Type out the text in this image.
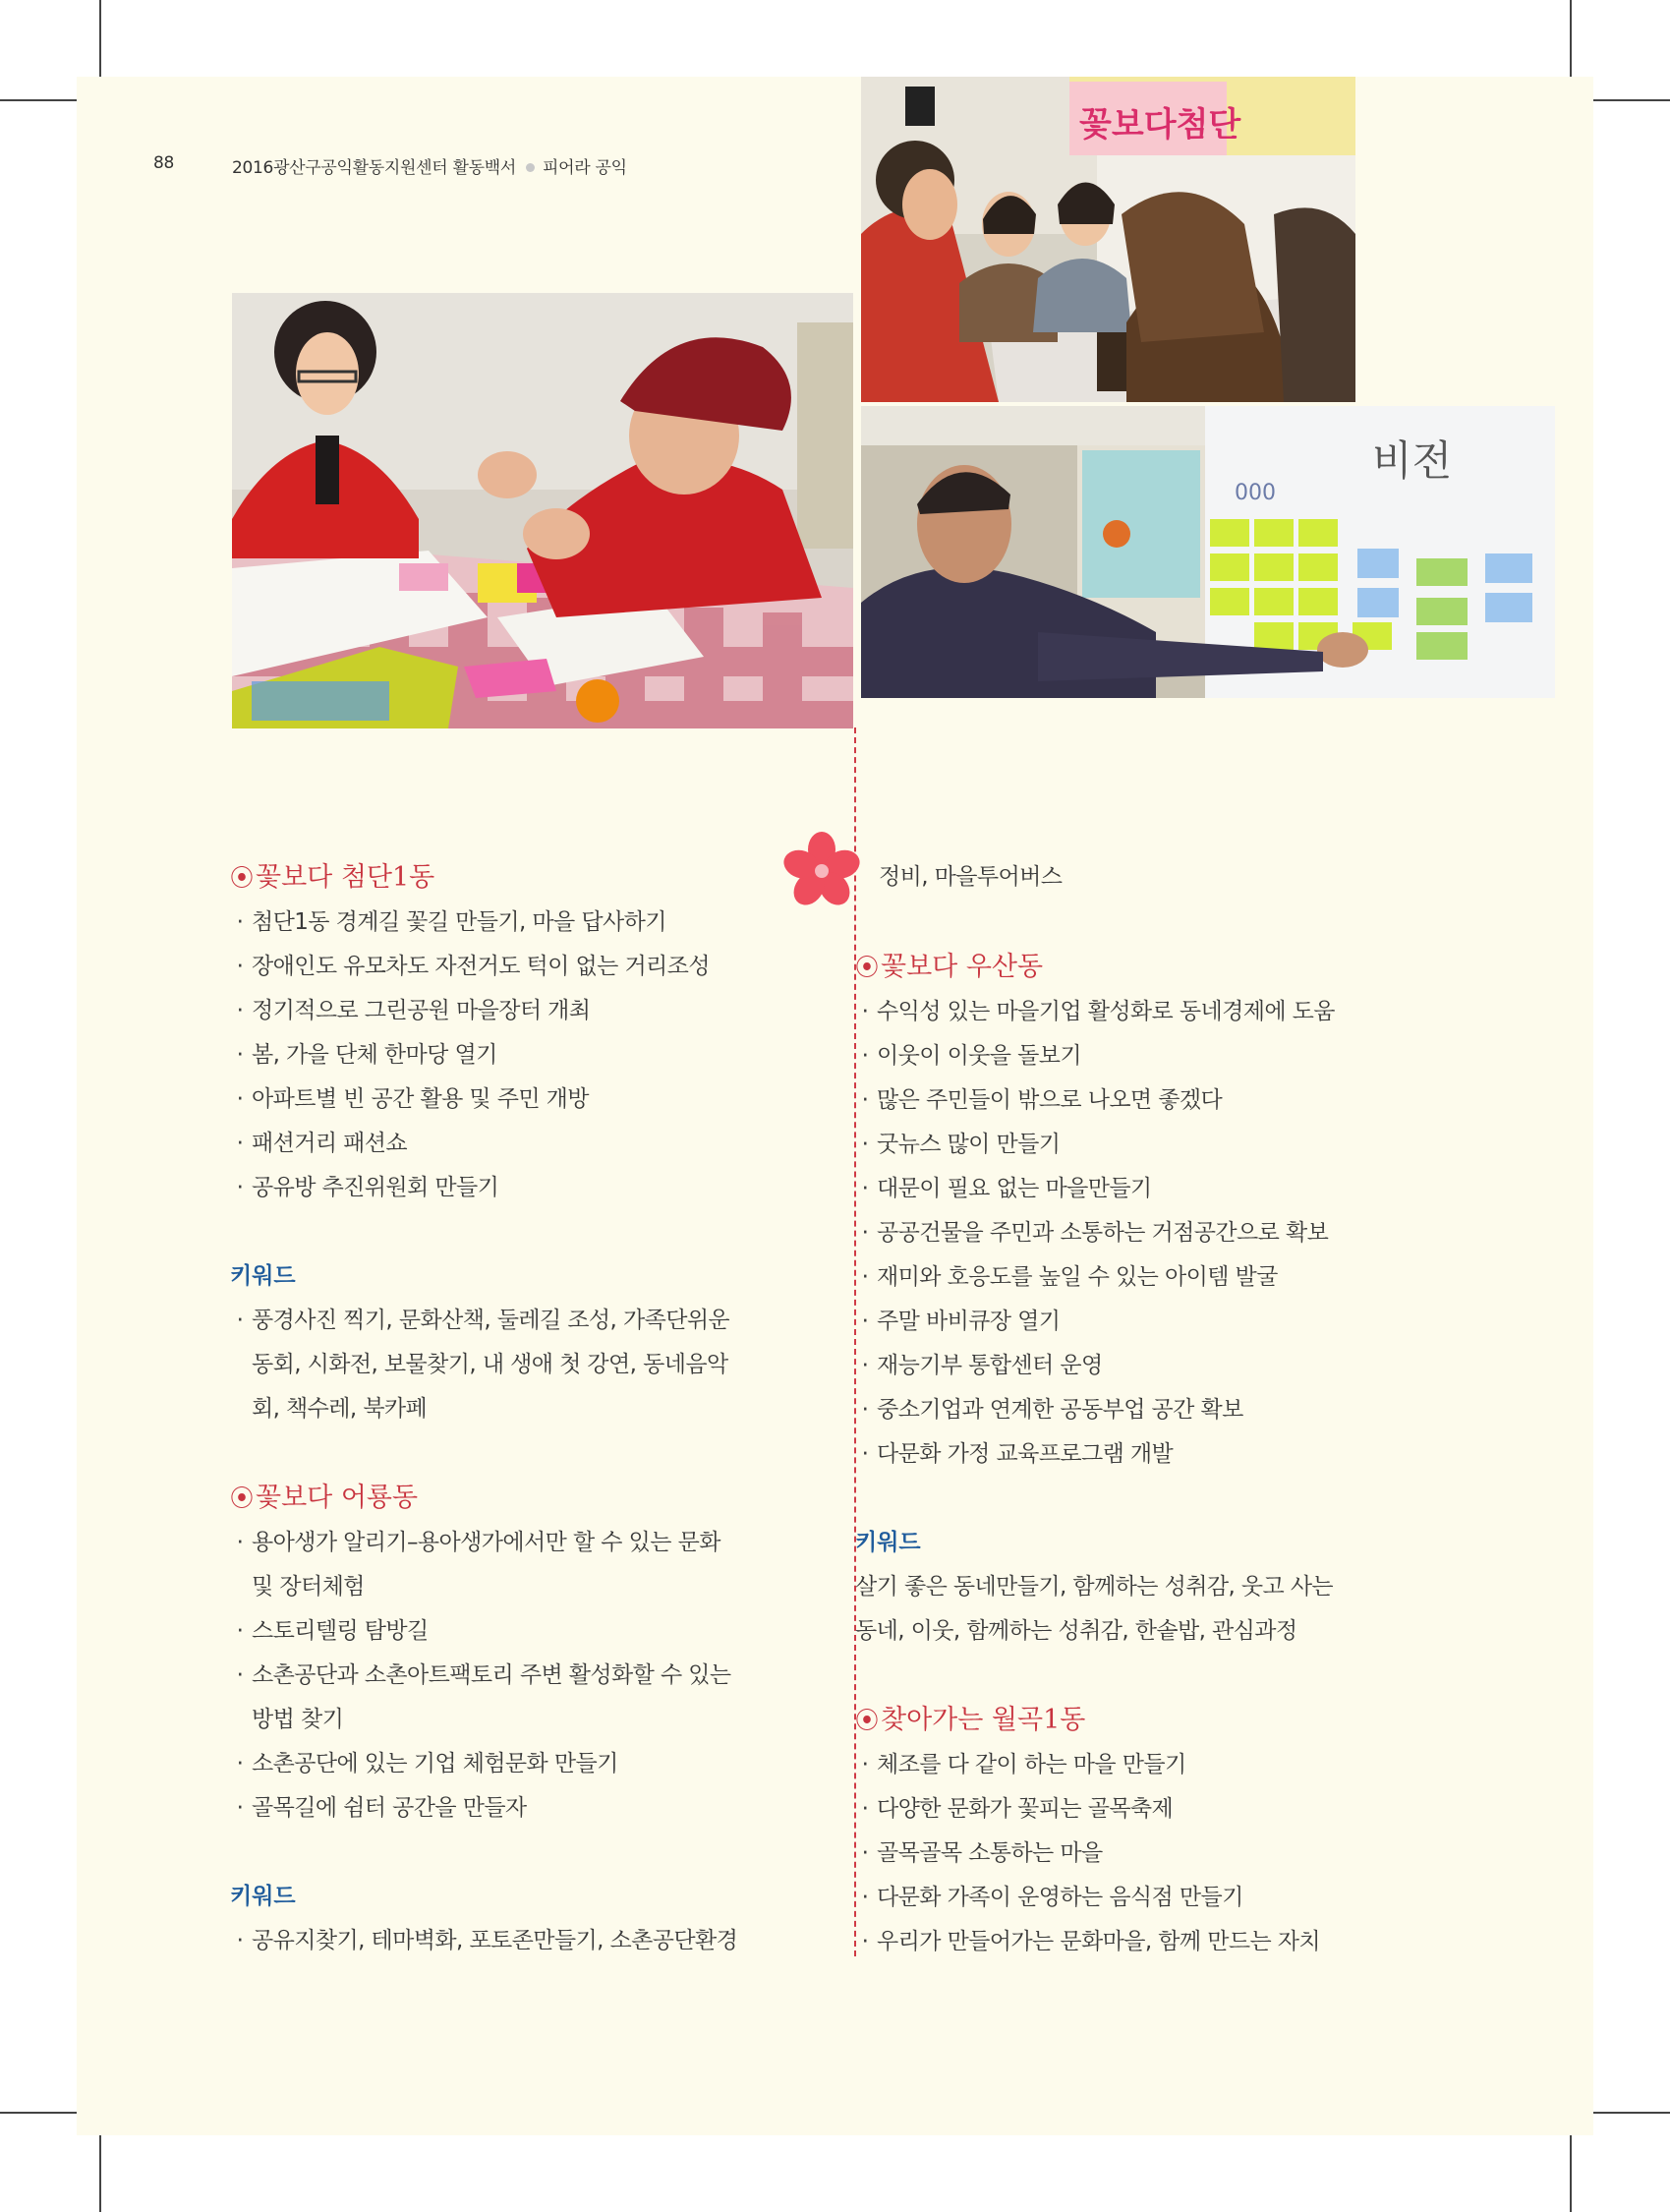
88	2016광산구공익활동지원센터 활동백서 피어라 공익
꽃보다첨단
비전
000
⦿꽃보다 첨단1동
· 첨단1동 경계길 꽃길 만들기, 마을 답사하기
· 장애인도 유모차도 자전거도 턱이 없는 거리조성
· 정기적으로 그린공원 마을장터 개최
· 봄, 가을 단체 한마당 열기
· 아파트별 빈 공간 활용 및 주민 개방
· 패션거리 패션쇼
· 공유방 추진위원회 만들기
키워드
· 풍경사진 찍기, 문화산책, 둘레길 조성, 가족단위운
동회, 시화전, 보물찾기, 내 생애 첫 강연, 동네음악
회, 책수레, 북카페
⦿꽃보다 어룡동
· 용아생가 알리기–용아생가에서만 할 수 있는 문화
및 장터체험
· 스토리텔링 탐방길
· 소촌공단과 소촌아트팩토리 주변 활성화할 수 있는
방법 찾기
· 소촌공단에 있는 기업 체험문화 만들기
· 골목길에 쉼터 공간을 만들자
키워드
· 공유지찾기, 테마벽화, 포토존만들기, 소촌공단환경
정비, 마을투어버스
⦿꽃보다 우산동
· 수익성 있는 마을기업 활성화로 동네경제에 도움
· 이웃이 이웃을 돌보기
· 많은 주민들이 밖으로 나오면 좋겠다
· 굿뉴스 많이 만들기
· 대문이 필요 없는 마을만들기
· 공공건물을 주민과 소통하는 거점공간으로 확보
· 재미와 호응도를 높일 수 있는 아이템 발굴
· 주말 바비큐장 열기
· 재능기부 통합센터 운영
· 중소기업과 연계한 공동부업 공간 확보
· 다문화 가정 교육프로그램 개발
키워드
살기 좋은 동네만들기, 함께하는 성취감, 웃고 사는
동네, 이웃, 함께하는 성취감, 한솥밥, 관심과정
⦿찾아가는 월곡1동
· 체조를 다 같이 하는 마을 만들기
· 다양한 문화가 꽃피는 골목축제
· 골목골목 소통하는 마을
· 다문화 가족이 운영하는 음식점 만들기
· 우리가 만들어가는 문화마을, 함께 만드는 자치
